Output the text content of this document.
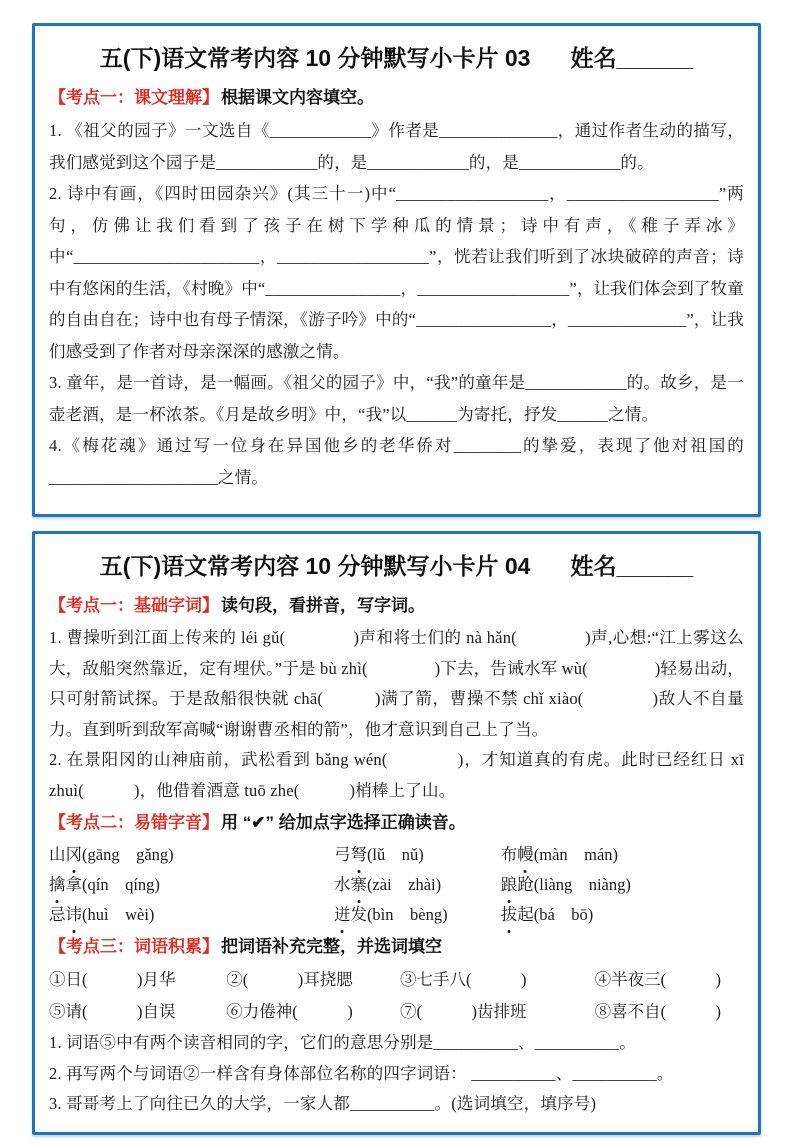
五(下)语文常考内容 10 分钟默写小卡片 03 姓名______
【考点一：课文理解】 根据课文内容填空。

1. 《祖父的园子》一文选自《____________》作者是______________，通过作者生动的描写，我们感觉到这个园子是____________的，是____________的，是____________的。

2. 诗中有画，《四时田园杂兴》(其三十一)中“__________________，__________________”两句，仿佛让我们看到了孩子在树下学种瓜的情景；诗中有声，《稚子弄冰》中“______________________，__________________”，恍若让我们听到了冰块破碎的声音；诗中有悠闲的生活，《村晚》中“________________，__________________”，让我们体会到了牧童的自由自在；诗中也有母子情深，《游子吟》中的“________________，______________”，让我们感受到了作者对母亲深深的感激之情。

3. 童年，是一首诗，是一幅画。《祖父的园子》中，“我”的童年是____________的。故乡，是一壶老酒，是一杯浓茶。《月是故乡明》中，“我”以______为寄托，抒发______之情。

4.《梅花魂》通过写一位身在异国他乡的老华侨对________的挚爱，表现了他对祖国的____________________之情。

五(下)语文常考内容 10 分钟默写小卡片 04 姓名______
【考点一：基础字词】 读句段，看拼音，写字词。

1. 曹操听到江面上传来的 léi gǔ(　　　　)声和将士们的 nà hǎn(　　　　)声,心想:“江上雾这么大，敌船突然靠近，定有埋伏。”于是 bù zhì(　　　　)下去，告诫水军 wù(　　　　)轻易出动，只可射箭试探。于是敌船很快就 chā(　　　)满了箭，曹操不禁 chǐ xiào(　　　　)敌人不自量力。直到听到敌军高喊“谢谢曹丞相的箭”，他才意识到自己上了当。

2. 在景阳冈的山神庙前，武松看到 bǎng wén(　　　　)，才知道真的有虎。此时已经红日 xī zhuì(　　　)，他借着酒意 tuō zhe(　　　)梢棒上了山。

【考点二：易错字音】 用 “✔” 给加点字选择正确读音。
山冈(gāng　gǎng)	弓弩(lǔ　nǔ)	布幔(màn　mán)
擒拿(qín　qíng)	水寨(zài　zhài)	踉跄(liàng　niàng)
忌讳(huì　wèi)	迸发(bìn　bèng)	拔起(bá　bō)
【考点三：词语积累】 把词语补充完整，并选词填空
①日(　　　)月华	②(　　　)耳挠腮	③七手八(　　　)	④半夜三(　　　)
⑤请(　　　)自误	⑥力倦神(　　　)	⑦(　　　)齿排班	⑧喜不自(　　　)

1. 词语⑤中有两个读音相同的字，它们的意思分别是__________、__________。

2. 再写两个与词语②一样含有身体部位名称的四字词语： __________、__________。

3. 哥哥考上了向往已久的大学，一家人都__________。(选词填空，填序号)
